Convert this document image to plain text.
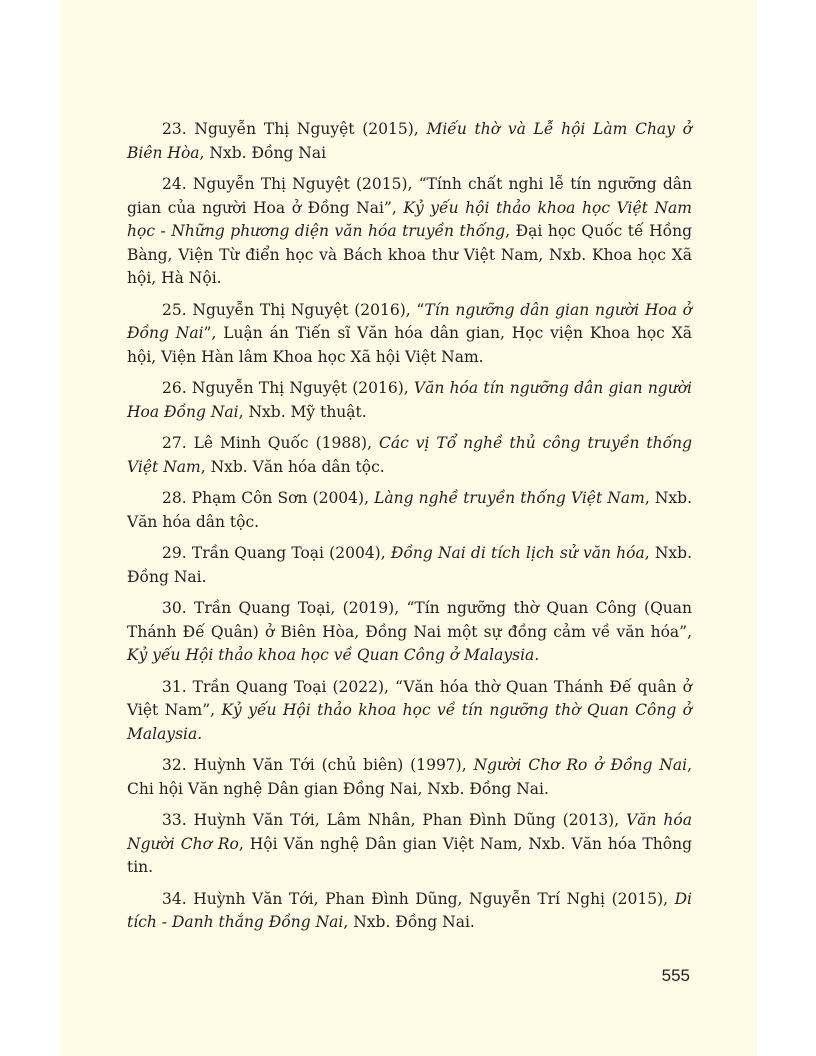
23. Nguyễn Thị Nguyệt (2015), Miếu thờ và Lễ hội Làm Chay ở Biên Hòa, Nxb. Đồng Nai

24. Nguyễn Thị Nguyệt (2015), “Tính chất nghi lễ tín ngưỡng dân gian của người Hoa ở Đồng Nai”, Kỷ yếu hội thảo khoa học Việt Nam học - Những phương diện văn hóa truyền thống, Đại học Quốc tế Hồng Bàng, Viện Từ điển học và Bách khoa thư Việt Nam, Nxb. Khoa học Xã hội, Hà Nội.

25. Nguyễn Thị Nguyệt (2016), “Tín ngưỡng dân gian người Hoa ở Đồng Nai”, Luận án Tiến sĩ Văn hóa dân gian, Học viện Khoa học Xã hội, Viện Hàn lâm Khoa học Xã hội Việt Nam.

26. Nguyễn Thị Nguyệt (2016), Văn hóa tín ngưỡng dân gian người Hoa Đồng Nai, Nxb. Mỹ thuật.

27. Lê Minh Quốc (1988), Các vị Tổ nghề thủ công truyền thống Việt Nam, Nxb. Văn hóa dân tộc.

28. Phạm Côn Sơn (2004), Làng nghề truyền thống Việt Nam, Nxb. Văn hóa dân tộc.

29. Trần Quang Toại (2004), Đồng Nai di tích lịch sử văn hóa, Nxb. Đồng Nai.

30. Trần Quang Toại, (2019), “Tín ngưỡng thờ Quan Công (Quan Thánh Đế Quân) ở Biên Hòa, Đồng Nai một sự đồng cảm về văn hóa”, Kỷ yếu Hội thảo khoa học về Quan Công ở Malaysia.

31. Trần Quang Toại (2022), “Văn hóa thờ Quan Thánh Đế quân ở Việt Nam”, Kỷ yếu Hội thảo khoa học về tín ngưỡng thờ Quan Công ở Malaysia.

32. Huỳnh Văn Tới (chủ biên) (1997), Người Chơ Ro ở Đồng Nai, Chi hội Văn nghệ Dân gian Đồng Nai, Nxb. Đồng Nai.

33. Huỳnh Văn Tới, Lâm Nhân, Phan Đình Dũng (2013), Văn hóa Người Chơ Ro, Hội Văn nghệ Dân gian Việt Nam, Nxb. Văn hóa Thông tin.

34. Huỳnh Văn Tới, Phan Đình Dũng, Nguyễn Trí Nghị (2015), Di tích - Danh thắng Đồng Nai, Nxb. Đồng Nai.

555
